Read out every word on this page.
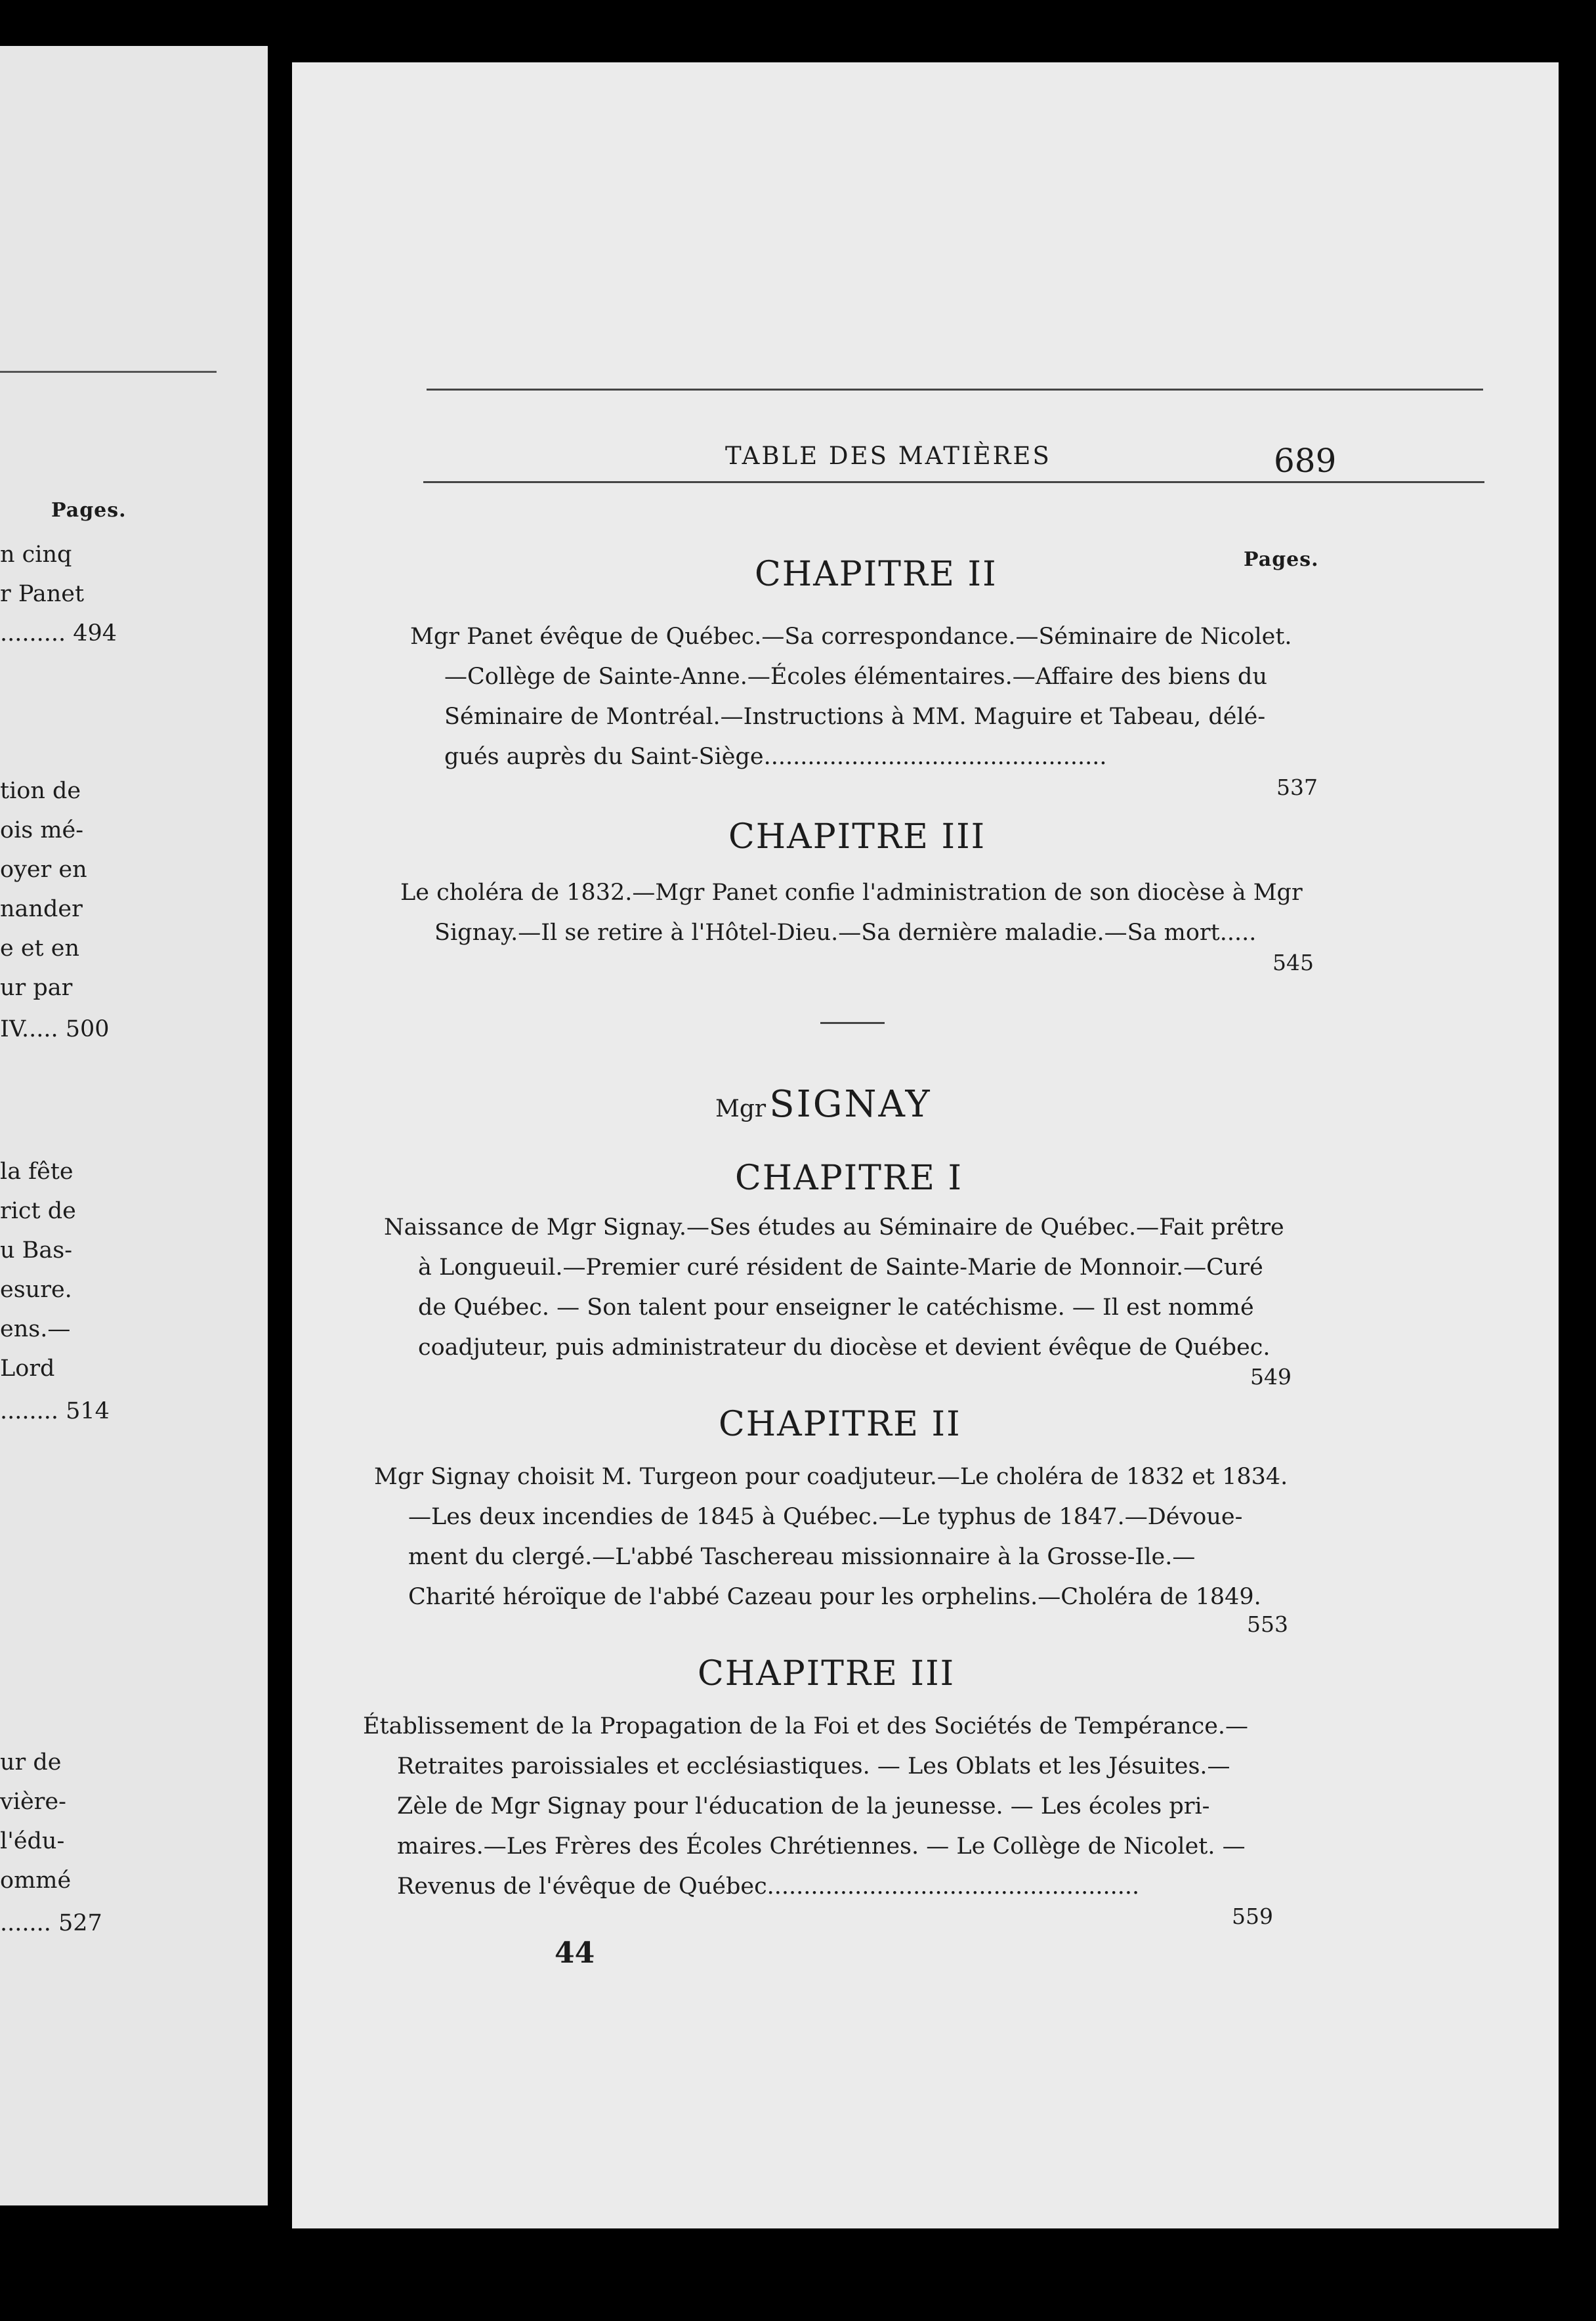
Pages.
n cinq
r Panet
......... 494
tion de
ois mé-
oyer en
nander
e et en
ur par
IV..... 500
la fête
rict de
u Bas-
esure.
ens.—
Lord
........ 514
ur de
vière-
l'édu-
ommé
....... 527
TABLE DES MATIÈRES	689
Pages.
CHAPITRE II
Mgr Panet évêque de Québec.—Sa correspondance.—Séminaire de Nicolet.
—Collège de Sainte-Anne.—Écoles élémentaires.—Affaire des biens du
Séminaire de Montréal.—Instructions à MM. Maguire et Tabeau, délé-
gués auprès du Saint-Siège...............................................
537
CHAPITRE III
Le choléra de 1832.—Mgr Panet confie l'administration de son diocèse à Mgr
Signay.—Il se retire à l'Hôtel-Dieu.—Sa dernière maladie.—Sa mort.....
545
Mgr SIGNAY
CHAPITRE I
Naissance de Mgr Signay.—Ses études au Séminaire de Québec.—Fait prêtre
à Longueuil.—Premier curé résident de Sainte-Marie de Monnoir.—Curé
de Québec. — Son talent pour enseigner le catéchisme. — Il est nommé
coadjuteur, puis administrateur du diocèse et devient évêque de Québec.
549
CHAPITRE II
Mgr Signay choisit M. Turgeon pour coadjuteur.—Le choléra de 1832 et 1834.
—Les deux incendies de 1845 à Québec.—Le typhus de 1847.—Dévoue-
ment du clergé.—L'abbé Taschereau missionnaire à la Grosse-Ile.—
Charité héroïque de l'abbé Cazeau pour les orphelins.—Choléra de 1849.
553
CHAPITRE III
Établissement de la Propagation de la Foi et des Sociétés de Tempérance.—
Retraites paroissiales et ecclésiastiques. — Les Oblats et les Jésuites.—
Zèle de Mgr Signay pour l'éducation de la jeunesse. — Les écoles pri-
maires.—Les Frères des Écoles Chrétiennes. — Le Collège de Nicolet. —
Revenus de l'évêque de Québec...................................................
559
44
